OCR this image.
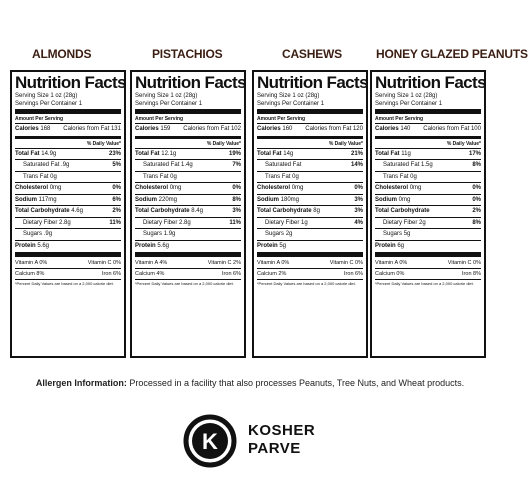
ALMONDS	PISTACHIOS	CASHEWS	HONEY GLAZED PEANUTS
Nutrition Facts
Serving Size 1 oz (28g)
Servings Per Container 1
Amount Per Serving
Calories 168 Calories from Fat 131
% Daily Value*
Total Fat 14.9g	23%
Saturated Fat .9g	5%
Trans Fat 0g
Cholesterol 0mg	0%
Sodium 117mg	6%
Total Carbohydrate 4.6g	2%
Dietary Fiber 2.8g	11%
Sugars .9g
Protein 5.6g
Vitamin A 0%	Vitamin C 0%
Calcium 8%	Iron 6%
*Percent Daily Values are based on a 2,000 calorie diet.
Nutrition Facts
Serving Size 1 oz (28g)
Servings Per Container 1
Amount Per Serving
Calories 159 Calories from Fat 102
% Daily Value*
Total Fat 12.1g	19%
Saturated Fat 1.4g	7%
Trans Fat 0g
Cholesterol 0mg	0%
Sodium 220mg	8%
Total Carbohydrate 8.4g	3%
Dietary Fiber 2.8g	11%
Sugars 1.9g
Protein 5.6g
Vitamin A 4%	Vitamin C 2%
Calcium 4%	Iron 6%
*Percent Daily Values are based on a 2,000 calorie diet.
Nutrition Facts
Serving Size 1 oz (28g)
Servings Per Container 1
Amount Per Serving
Calories 160 Calories from Fat 120
% Daily Value*
Total Fat 14g	21%
Saturated Fat	14%
Trans Fat 0g
Cholesterol 0mg	0%
Sodium 180mg	3%
Total Carbohydrate 8g	3%
Dietary Fiber 1g	4%
Sugars 2g
Protein 5g
Vitamin A 0%	Vitamin C 0%
Calcium 2%	Iron 6%
*Percent Daily Values are based on a 2,000 calorie diet.
Nutrition Facts
Serving Size 1 oz (28g)
Servings Per Container 1
Amount Per Serving
Calories 140 Calories from Fat 100
% Daily Value*
Total Fat 11g	17%
Saturated Fat 1.5g	8%
Trans Fat 0g
Cholesterol 0mg	0%
Sodium 0mg	0%
Total Carbohydrate	2%
Dietary Fiber 2g	8%
Sugars 5g
Protein 6g
Vitamin A 0%	Vitamin C 0%
Calcium 0%	Iron 8%
*Percent Daily Values are based on a 2,000 calorie diet.
Allergen Information: Processed in a facility that also processes Peanuts, Tree Nuts, and Wheat products.
K KOSHER
PARVE
